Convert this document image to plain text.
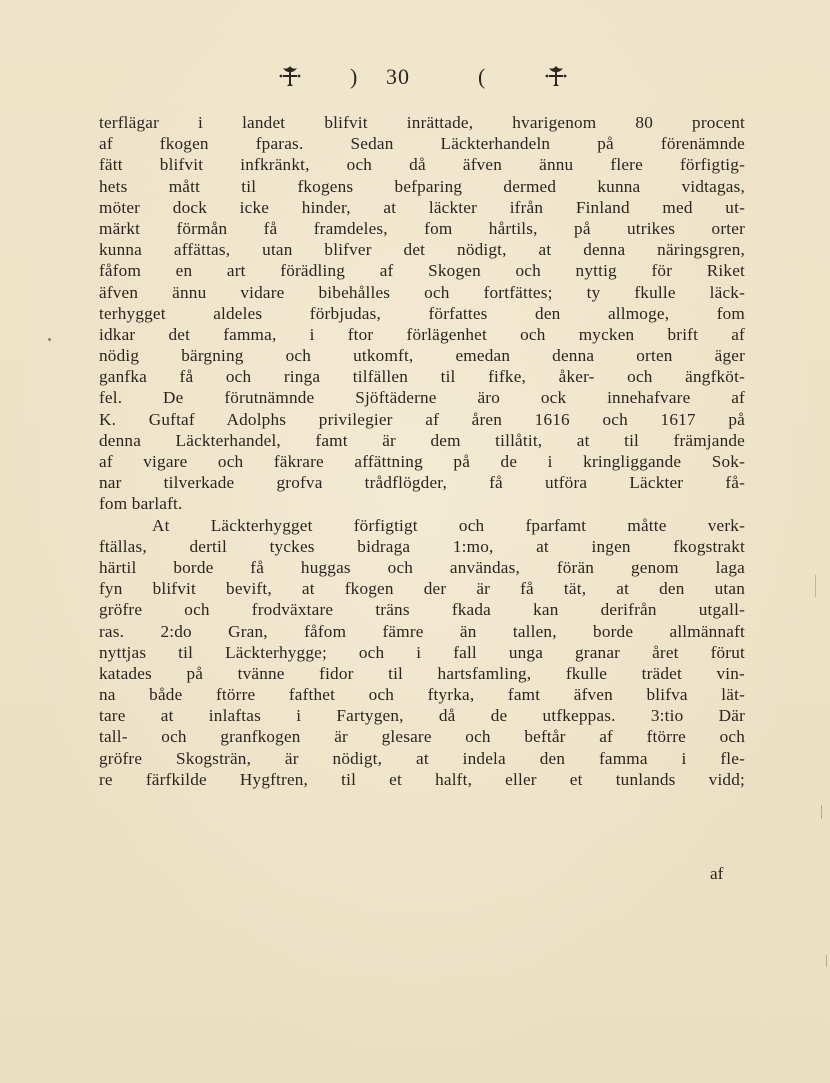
) 30	(
terflägar i landet blifvit inrättade, hvarigenom 80 procent
af fkogen fparas. Sedan Läckterhandeln på förenämnde
fätt blifvit infkränkt, och då äfven ännu flere förfigtig-
hets mått til fkogens befparing dermed kunna vidtagas,
möter dock icke hinder, at läckter ifrån Finland med ut-
märkt förmån få framdeles, fom hårtils, på utrikes orter
kunna affättas, utan blifver det nödigt, at denna näringsgren,
fåfom en art förädling af Skogen och nyttig för Riket
äfven ännu vidare bibehålles och fortfättes; ty fkulle läck-
terhygget aldeles förbjudas, författes den allmoge, fom
idkar det famma, i ftor förlägenhet och mycken brift af
nödig bärgning och utkomft, emedan denna orten äger
ganfka få och ringa tilfällen til fifke, åker- och ängfköt-
fel. De förutnämnde Sjöftäderne äro ock innehafvare af
K. Guftaf Adolphs privilegier af åren 1616 och 1617 på
denna Läckterhandel, famt är dem tillåtit, at til främjande
af vigare och fäkrare affättning på de i kringliggande Sok-
nar tilverkade grofva trådflögder, få utföra Läckter få-
fom barlaft.
At Läckterhygget förfigtigt och fparfamt måtte verk-
ftällas, dertil tyckes bidraga 1:mo, at ingen fkogstrakt
härtil borde få huggas och användas, förän genom laga
fyn blifvit bevift, at fkogen der är få tät, at den utan
gröfre och frodväxtare träns fkada kan derifrån utgall-
ras. 2:do Gran, fåfom fämre än tallen, borde allmännaft
nyttjas til Läckterhygge; och i fall unga granar året förut
katades på tvänne fidor til hartsfamling, fkulle trädet vin-
na både ftörre fafthet och ftyrka, famt äfven blifva lät-
tare at inlaftas i Fartygen, då de utfkeppas. 3:tio Där
tall- och granfkogen är glesare och beftår af ftörre och
gröfre Skogsträn, är nödigt, at indela den famma i fle-
re färfkilde Hygftren, til et halft, eller et tunlands vidd;
af
